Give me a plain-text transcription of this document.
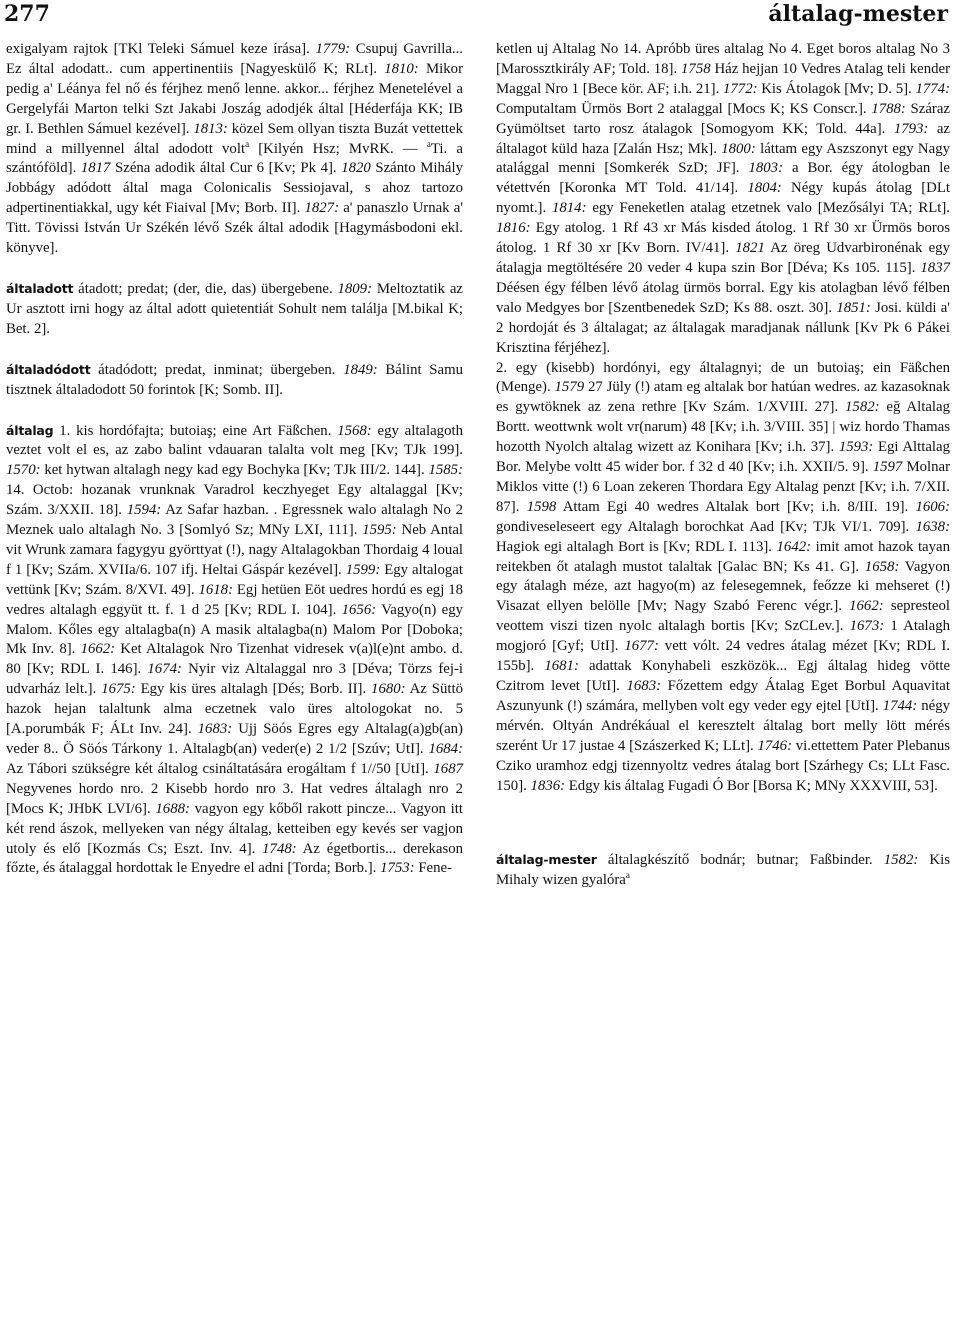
277	általag-mester

exigalyam rajtok [TKl Teleki Sámuel keze írása]. 1779: Csupuj Gavrilla... Ez által adodatt.. cum appertinentiis [Nagyeskülő K; RLt]. 1810: Mikor pedig a' Léánya fel nő és férjhez menő lenne. akkor... férjhez Menetelével a Gergelyfái Marton telki Szt Jakabi Joszág adodjék által [Héderfája KK; IB gr. I. Bethlen Sámuel kezével]. 1813: közel Sem ollyan tiszta Buzát vettettek mind a millyennel által adodott volt$^a$ [Kilyén Hsz; MvRK. — $^a$Ti. a szántóföld]. 1817 Széna adodik által Cur 6 [Kv; Pk 4]. 1820 Szánto Mihály Jobbágy adódott által maga Colonicalis Sessiojaval, s ahoz tartozo adpertinentiakkal, ugy két Fiaival [Mv; Borb. II]. 1827: a' panaszlo Urnak a' Titt. Tövissi István Ur Székén lévő Szék által adodik [Hagymásbodoni ekl. könyve].

általadott átadott; predat; (der, die, das) übergebene. 1809: Meltoztatik az Ur asztott irni hogy az által adott quietentiát Sohult nem találja [M.bikal K; Bet. 2].

általadódott átadódott; predat, inminat; übergeben. 1849: Bálint Samu tisztnek általadodott 50 forintok [K; Somb. II].

általag 1. kis hordófajta; butoiaş; eine Art Fäßchen. 1568: egy altalagoth veztet volt el es, az zabo balint vdauaran talalta volt meg [Kv; TJk 199]. 1570: ket hytwan altalagh negy kad egy Bochyka [Kv; TJk III/2. 144]. 1585: 14. Octob: hozanak vrunknak Varadrol keczhyeget Egy altalaggal [Kv; Szám. 3/XXII. 18]. 1594: Az Safar hazban. . Egressnek walo altalagh No 2 Meznek ualo altalagh No. 3 [Somlyó Sz; MNy LXI, 111]. 1595: Neb Antal vit Wrunk zamara fagygyu györttyat (!), nagy Altalagokban Thordaig 4 loual f 1 [Kv; Szám. XVIIa/6. 107 ifj. Heltai Gáspár kezével]. 1599: Egy altalogat vettünk [Kv; Szám. 8/XVI. 49]. 1618: Egj hetüen Eöt uedres hordú es egj 18 vedres altalagh eggyüt tt. f. 1 d 25 [Kv; RDL I. 104]. 1656: Vagyo(n) egy Malom. Kőles egy altalagba(n) A masik altalagba(n) Malom Por [Doboka; Mk Inv. 8]. 1662: Ket Altalagok Nro Tizenhat vidresek v(a)l(e)nt ambo. d. 80 [Kv; RDL I. 146]. 1674: Nyir viz Altalaggal nro 3 [Déva; Törzs fej-i udvarház lelt.]. 1675: Egy kis üres altalagh [Dés; Borb. II]. 1680: Az Süttö hazok hejan talaltunk alma eczetnek valo üres altologokat no. 5 [A.porumbák F; ÁLt Inv. 24]. 1683: Ujj Söós Egres egy Altalag(a)gb(an) veder 8.. Ö Söós Tárkony 1. Altalagb(an) veder(e) 2 1/2 [Szúv; UtI]. 1684: Az Tábori szükségre két általog csináltatására erogáltam f 1//50 [UtI]. 1687 Negyvenes hordo nro. 2 Kisebb hordo nro 3. Hat vedres általagh nro 2 [Mocs K; JHbK LVI/6]. 1688: vagyon egy kőből rakott pincze... Vagyon itt két rend ászok, mellyeken van négy általag, ketteiben egy kevés ser vagjon utoly és elő [Kozmás Cs; Eszt. Inv. 4]. 1748: Az égetbortis... derekason főzte, és átalaggal hordottak le Enyedre el adni [Torda; Borb.]. 1753: Fene-

ketlen uj Altalag No 14. Apróbb üres altalag No 4. Eget boros altalag No 3 [Marossztkirály AF; Told. 18]. 1758 Ház hejjan 10 Vedres Atalag teli kender Maggal Nro 1 [Bece kör. AF; i.h. 21]. 1772: Kis Átolagok [Mv; D. 5]. 1774: Computaltam Ürmös Bort 2 atalaggal [Mocs K; KS Conscr.]. 1788: Száraz Gyümöltset tarto rosz átalagok [Somogyom KK; Told. 44a]. 1793: az általagot küld haza [Zalán Hsz; Mk]. 1800: láttam egy Aszszonyt egy Nagy atalággal menni [Somkerék SzD; JF]. 1803: a Bor. égy átologban le vétettvén [Koronka MT Told. 41/14]. 1804: Négy kupás átolag [DLt nyomt.]. 1814: egy Feneketlen atalag etzetnek valo [Mezősályi TA; RLt]. 1816: Egy atolog. 1 Rf 43 xr Más kisded átolog. 1 Rf 30 xr Ürmös boros átolog. 1 Rf 30 xr [Kv Born. IV/41]. 1821 Az öreg Udvarbironénak egy átalagja megtöltésére 20 veder 4 kupa szin Bor [Déva; Ks 105. 115]. 1837 Déésen égy félben lévő átolag ürmös borral. Egy kis atolagban lévő félben valo Medgyes bor [Szentbenedek SzD; Ks 88. oszt. 30]. 1851: Josi. küldi a' 2 hordoját és 3 általagat; az általagak maradjanak nállunk [Kv Pk 6 Pákei Krisztina férjéhez].

2. egy (kisebb) hordónyi, egy általagnyi; de un butoiaş; ein Fäßchen (Menge). 1579 27 Jüly (!) atam eg altalak bor hatúan wedres. az kazasoknak es gywtöknek az zena rethre [Kv Szám. 1/XVIII. 27]. 1582: eğ Altalag Bortt. weottwnk wolt vr(narum) 48 [Kv; i.h. 3/VIII. 35] | wiz hordo Thamas hozotth Nyolch altalag wizett az Konihara [Kv; i.h. 37]. 1593: Egi Alttalag Bor. Melybe voltt 45 wider bor. f 32 d 40 [Kv; i.h. XXII/5. 9]. 1597 Molnar Miklos vitte (!) 6 Loan zekeren Thordara Egy Altalag penzt [Kv; i.h. 7/XII. 87]. 1598 Attam Egi 40 wedres Altalak bort [Kv; i.h. 8/III. 19]. 1606: gondiveseleseert egy Altalagh borochkat Aad [Kv; TJk VI/1. 709]. 1638: Hagiok egi altalagh Bort is [Kv; RDL I. 113]. 1642: imit amot hazok tayan reitekben őt atalagh mustot talaltak [Galac BN; Ks 41. G]. 1658: Vagyon egy átalagh méze, azt hagyo(m) az felesegemnek, feőzze ki mehseret (!) Visazat ellyen belölle [Mv; Nagy Szabó Ferenc végr.]. 1662: sepresteol veottem viszi tizen nyolc altalagh bortis [Kv; SzCLev.]. 1673: 1 Atalagh mogjoró [Gyf; UtI]. 1677: vett vólt. 24 vedres átalag mézet [Kv; RDL I. 155b]. 1681: adattak Konyhabeli eszközök... Egj általag hideg vötte Czitrom levet [UtI]. 1683: Főzettem edgy Átalag Eget Borbul Aquavitat Aszunyunk (!) számára, mellyben volt egy veder egy ejtel [UtI]. 1744: négy mérvén. Oltyán Andrékáual el keresztelt általag bort melly lött mérés szerént Ur 17 justae 4 [Szászerked K; LLt]. 1746: vi.ettettem Pater Plebanus Cziko uramhoz edgj tizennyoltz vedres átalag bort [Szárhegy Cs; LLt Fasc. 150]. 1836: Edgy kis általag Fugadi Ó Bor [Borsa K; MNy XXXVIII, 53].

általag-mester általagkészítő bodnár; butnar; Faßbinder. 1582: Kis Mihaly wizen gyalóra$^a$
